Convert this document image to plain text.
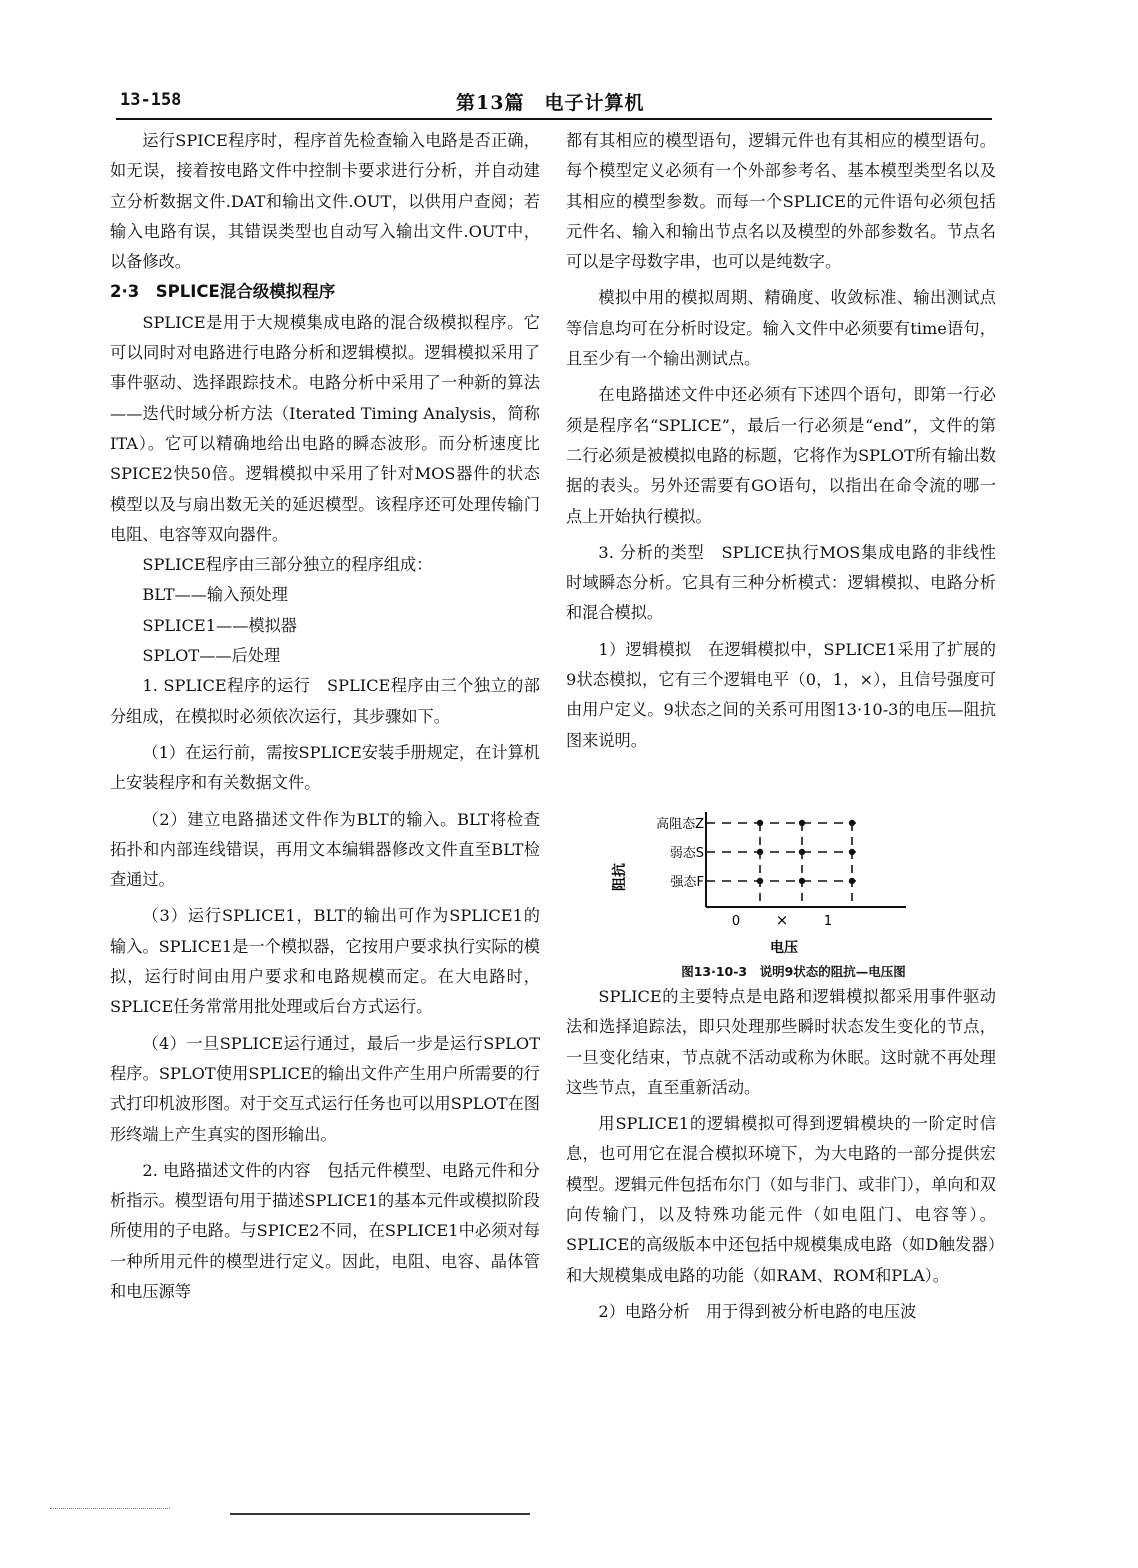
13-158	第13篇　电子计算机

运行SPICE程序时，程序首先检查输入电路是否正确，如无误，接着按电路文件中控制卡要求进行分析，并自动建立分析数据文件.DAT和输出文件.OUT，以供用户查阅；若输入电路有误，其错误类型也自动写入输出文件.OUT中，以备修改。

2·3　SPLICE混合级模拟程序

SPLICE是用于大规模集成电路的混合级模拟程序。它可以同时对电路进行电路分析和逻辑模拟。逻辑模拟采用了事件驱动、选择跟踪技术。电路分析中采用了一种新的算法——迭代时域分析方法（Iterated Timing Analysis，简称ITA）。它可以精确地给出电路的瞬态波形。而分析速度比SPICE2快50倍。逻辑模拟中采用了针对MOS器件的状态模型以及与扇出数无关的延迟模型。该程序还可处理传输门电阻、电容等双向器件。

SPLICE程序由三部分独立的程序组成：

BLT——输入预处理

SPLICE1——模拟器

SPLOT——后处理

1. SPLICE程序的运行　SPLICE程序由三个独立的部分组成，在模拟时必须依次运行，其步骤如下。

（1）在运行前，需按SPLICE安装手册规定，在计算机上安装程序和有关数据文件。

（2）建立电路描述文件作为BLT的输入。BLT将检查拓扑和内部连线错误，再用文本编辑器修改文件直至BLT检查通过。

（3）运行SPLICE1，BLT的输出可作为SPLICE1的输入。SPLICE1是一个模拟器，它按用户要求执行实际的模拟，运行时间由用户要求和电路规模而定。在大电路时，SPLICE任务常常用批处理或后台方式运行。

（4）一旦SPLICE运行通过，最后一步是运行SPLOT程序。SPLOT使用SPLICE的输出文件产生用户所需要的行式打印机波形图。对于交互式运行任务也可以用SPLOT在图形终端上产生真实的图形输出。

2. 电路描述文件的内容　包括元件模型、电路元件和分析指示。模型语句用于描述SPLICE1的基本元件或模拟阶段所使用的子电路。与SPICE2不同，在SPLICE1中必须对每一种所用元件的模型进行定义。因此，电阻、电容、晶体管和电压源等

都有其相应的模型语句，逻辑元件也有其相应的模型语句。每个模型定义必须有一个外部参考名、基本模型类型名以及其相应的模型参数。而每一个SPLICE的元件语句必须包括元件名、输入和输出节点名以及模型的外部参数名。节点名可以是字母数字串，也可以是纯数字。

模拟中用的模拟周期、精确度、收敛标准、输出测试点等信息均可在分析时设定。输入文件中必须要有time语句，且至少有一个输出测试点。

在电路描述文件中还必须有下述四个语句，即第一行必须是程序名“SPLICE”，最后一行必须是“end”，文件的第二行必须是被模拟电路的标题，它将作为SPLOT所有输出数据的表头。另外还需要有GO语句，以指出在命令流的哪一点上开始执行模拟。

3. 分析的类型　SPLICE执行MOS集成电路的非线性时域瞬态分析。它具有三种分析模式：逻辑模拟、电路分析和混合模拟。

1）逻辑模拟　在逻辑模拟中，SPLICE1采用了扩展的9状态模拟，它有三个逻辑电平（0，1，×），且信号强度可由用户定义。9状态之间的关系可用图13·10-3的电压—阻抗图来说明。

阻抗
高阻态Z
弱态S
强态F
0 ×	1
电压

图13·10-3　说明9状态的阻抗—电压图

SPLICE的主要特点是电路和逻辑模拟都采用事件驱动法和选择追踪法，即只处理那些瞬时状态发生变化的节点，一旦变化结束，节点就不活动或称为休眠。这时就不再处理这些节点，直至重新活动。

用SPLICE1的逻辑模拟可得到逻辑模块的一阶定时信息，也可用它在混合模拟环境下，为大电路的一部分提供宏模型。逻辑元件包括布尔门（如与非门、或非门），单向和双向传输门，以及特殊功能元件（如电阻门、电容等）。SPLICE的高级版本中还包括中规模集成电路（如D触发器）和大规模集成电路的功能（如RAM、ROM和PLA）。

2）电路分析　用于得到被分析电路的电压波
